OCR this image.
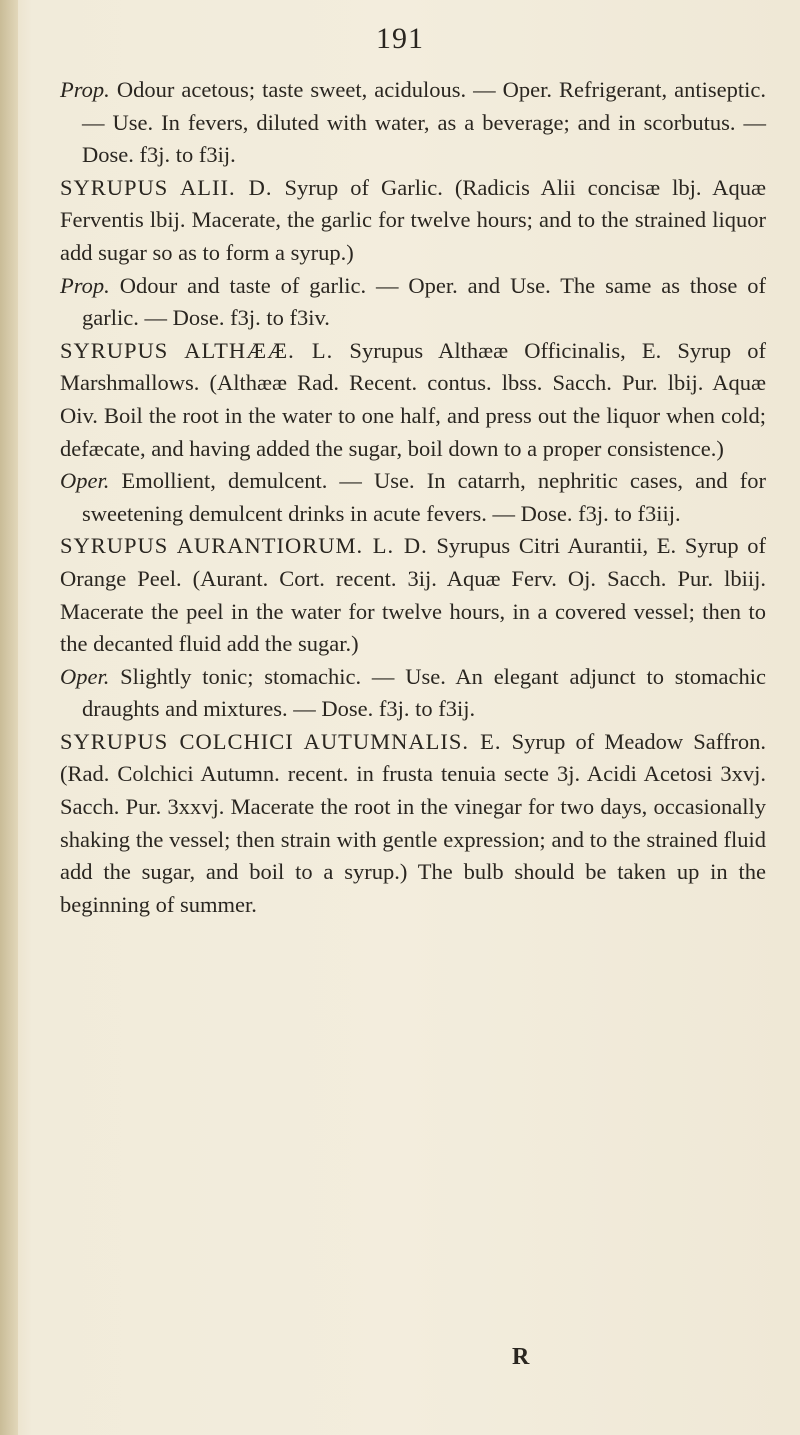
191

Prop. Odour acetous; taste sweet, acidulous. — Oper. Refrigerant, antiseptic. — Use. In fevers, diluted with water, as a beverage; and in scorbutus. — Dose. f3j. to f3ij.

SYRUPUS ALII. D. Syrup of Garlic. (Radicis Alii concisæ lbj. Aquæ Ferventis lbij. Macerate, the garlic for twelve hours; and to the strained liquor add sugar so as to form a syrup.)

Prop. Odour and taste of garlic. — Oper. and Use. The same as those of garlic. — Dose. f3j. to f3iv.

SYRUPUS ALTHÆÆ. L. Syrupus Althææ Officinalis, E. Syrup of Marshmallows. (Althææ Rad. Recent. contus. lbss. Sacch. Pur. lbij. Aquæ Oiv. Boil the root in the water to one half, and press out the liquor when cold; defæcate, and having added the sugar, boil down to a proper consistence.)

Oper. Emollient, demulcent. — Use. In catarrh, nephritic cases, and for sweetening demulcent drinks in acute fevers. — Dose. f3j. to f3iij.

SYRUPUS AURANTIORUM. L. D. Syrupus Citri Aurantii, E. Syrup of Orange Peel. (Aurant. Cort. recent. 3ij. Aquæ Ferv. Oj. Sacch. Pur. lbiij. Macerate the peel in the water for twelve hours, in a covered vessel; then to the decanted fluid add the sugar.)

Oper. Slightly tonic; stomachic. — Use. An elegant adjunct to stomachic draughts and mixtures. — Dose. f3j. to f3ij.

SYRUPUS COLCHICI AUTUMNALIS. E. Syrup of Meadow Saffron. (Rad. Colchici Autumn. recent. in frusta tenuia secte 3j. Acidi Acetosi 3xvj. Sacch. Pur. 3xxvj. Macerate the root in the vinegar for two days, occasionally shaking the vessel; then strain with gentle expression; and to the strained fluid add the sugar, and boil to a syrup.) The bulb should be taken up in the beginning of summer.

R
